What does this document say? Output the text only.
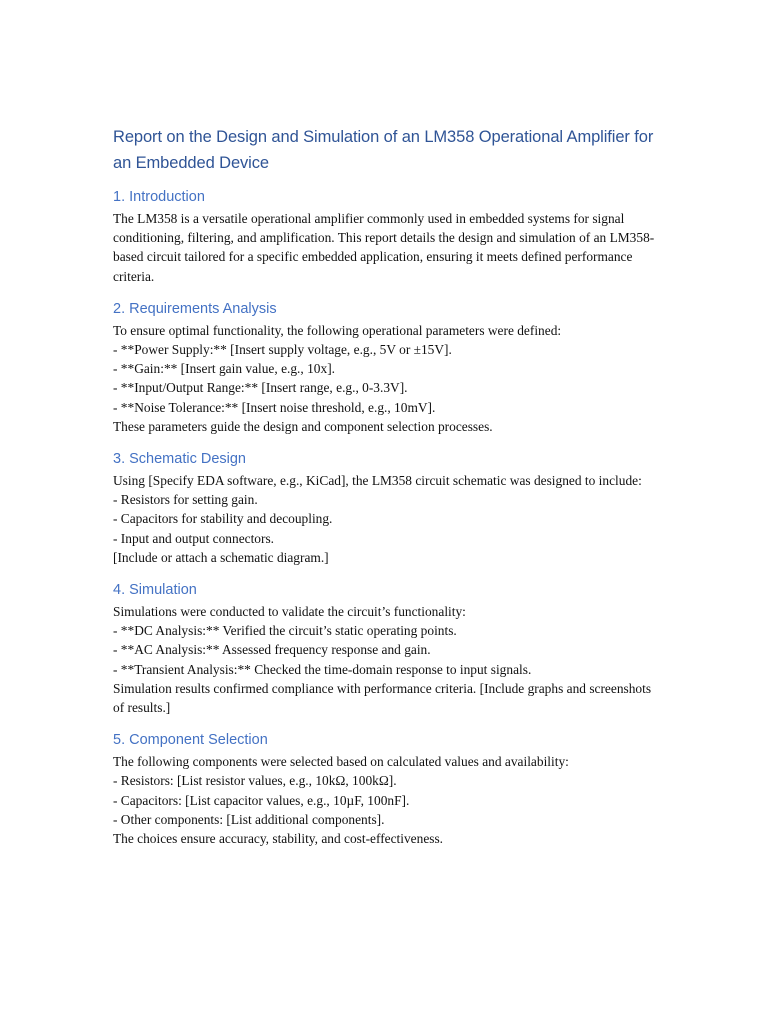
Report on the Design and Simulation of an LM358 Operational Amplifier for an Embedded Device
1. Introduction

The LM358 is a versatile operational amplifier commonly used in embedded systems for signal conditioning, filtering, and amplification. This report details the design and simulation of an LM358-based circuit tailored for a specific embedded application, ensuring it meets defined performance criteria.

2. Requirements Analysis
To ensure optimal functionality, the following operational parameters were defined:
- **Power Supply:** [Insert supply voltage, e.g., 5V or ±15V].
- **Gain:** [Insert gain value, e.g., 10x].
- **Input/Output Range:** [Insert range, e.g., 0-3.3V].
- **Noise Tolerance:** [Insert noise threshold, e.g., 10mV].
These parameters guide the design and component selection processes.
3. Schematic Design

Using [Specify EDA software, e.g., KiCad], the LM358 circuit schematic was designed to include:

- Resistors for setting gain.
- Capacitors for stability and decoupling.
- Input and output connectors.
[Include or attach a schematic diagram.]
4. Simulation
Simulations were conducted to validate the circuit’s functionality:
- **DC Analysis:** Verified the circuit’s static operating points.
- **AC Analysis:** Assessed frequency response and gain.
- **Transient Analysis:** Checked the time-domain response to input signals.

Simulation results confirmed compliance with performance criteria. [Include graphs and screenshots of results.]

5. Component Selection
The following components were selected based on calculated values and availability:
- Resistors: [List resistor values, e.g., 10kΩ, 100kΩ].
- Capacitors: [List capacitor values, e.g., 10µF, 100nF].
- Other components: [List additional components].
The choices ensure accuracy, stability, and cost-effectiveness.
